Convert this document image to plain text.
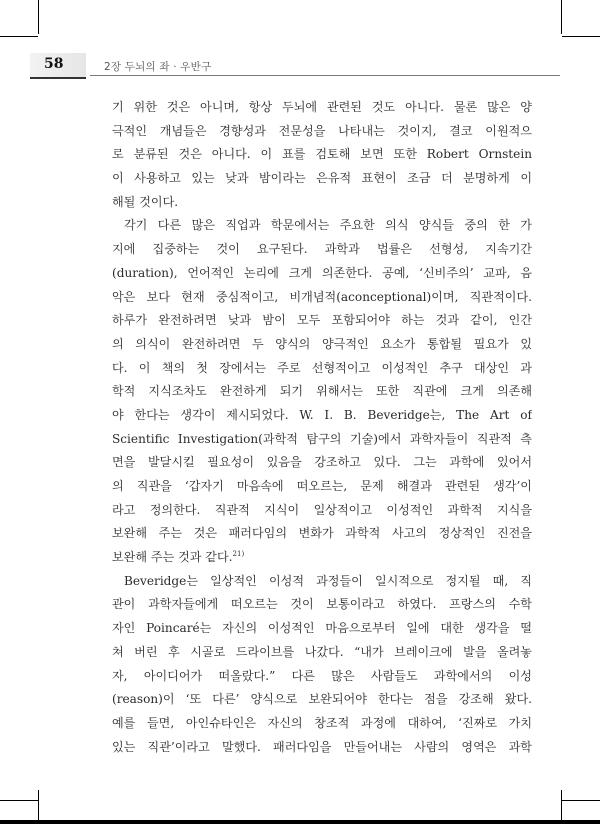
58	2장 두뇌의 좌 · 우반구
기 위한 것은 아니며, 항상 두뇌에 관련된 것도 아니다. 물론 많은 양
극적인 개념들은 경향성과 전문성을 나타내는 것이지, 결코 이원적으
로 분류된 것은 아니다. 이 표를 검토해 보면 또한 Robert Ornstein
이 사용하고 있는 낮과 밤이라는 은유적 표현이 조금 더 분명하게 이
해될 것이다.
각기 다른 많은 직업과 학문에서는 주요한 의식 양식들 중의 한 가
지에 집중하는 것이 요구된다. 과학과 법률은 선형성, 지속기간
(duration), 언어적인 논리에 크게 의존한다. 공예, ‘신비주의’ 교파, 음
악은 보다 현재 중심적이고, 비개념적(aconceptional)이며, 직관적이다.
하루가 완전하려면 낮과 밤이 모두 포함되어야 하는 것과 같이, 인간
의 의식이 완전하려면 두 양식의 양극적인 요소가 통합될 필요가 있
다. 이 책의 첫 장에서는 주로 선형적이고 이성적인 추구 대상인 과
학적 지식조차도 완전하게 되기 위해서는 또한 직관에 크게 의존해
야 한다는 생각이 제시되었다. W. I. B. Beveridge는, The Art of
Scientific Investigation(과학적 탐구의 기술)에서 과학자들이 직관적 측
면을 발달시킬 필요성이 있음을 강조하고 있다. 그는 과학에 있어서
의 직관을 ‘갑자기 마음속에 떠오르는, 문제 해결과 관련된 생각’이
라고 정의한다. 직관적 지식이 일상적이고 이성적인 과학적 지식을
보완해 주는 것은 패러다임의 변화가 과학적 사고의 정상적인 진전을
보완해 주는 것과 같다.$^{21)}$
Beveridge는 일상적인 이성적 과정들이 일시적으로 정지될 때, 직
관이 과학자들에게 떠오르는 것이 보통이라고 하였다. 프랑스의 수학
자인 Poincaré는 자신의 이성적인 마음으로부터 일에 대한 생각을 떨
쳐 버린 후 시골로 드라이브를 나갔다. “내가 브레이크에 발을 올려놓
자, 아이디어가 떠올랐다.” 다른 많은 사람들도 과학에서의 이성
(reason)이 ‘또 다른’ 양식으로 보완되어야 한다는 점을 강조해 왔다.
예를 들면, 아인슈타인은 자신의 창조적 과정에 대하여, ‘진짜로 가치
있는 직관’이라고 말했다. 패러다임을 만들어내는 사람의 영역은 과학
